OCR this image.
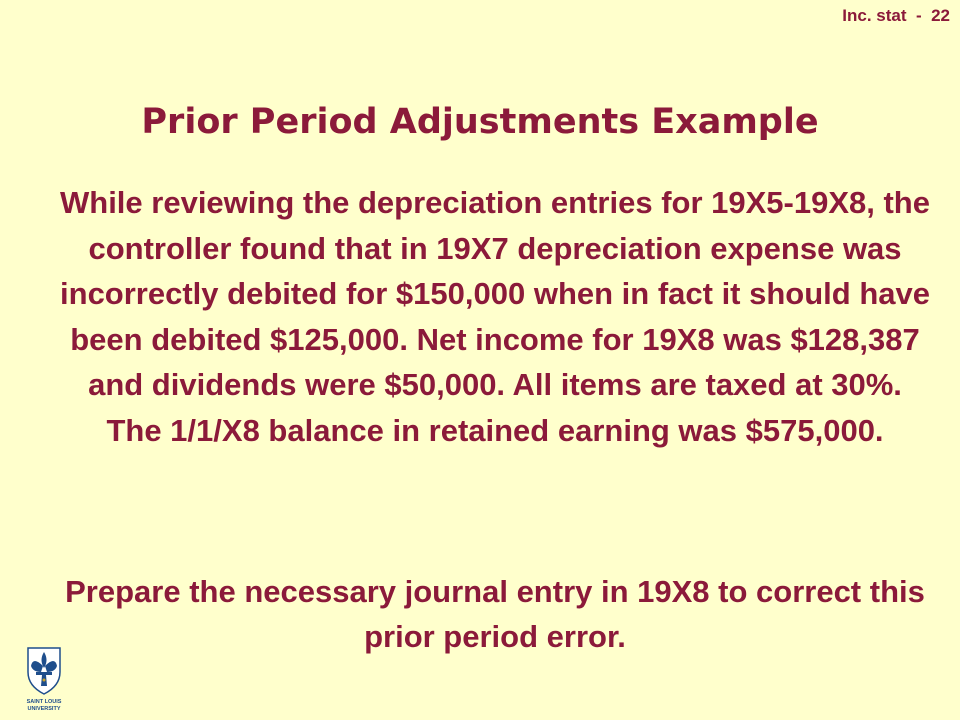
Inc. stat  -  22
Prior Period Adjustments Example

While reviewing the depreciation entries for 19X5-19X8, the controller found that in 19X7 depreciation expense was incorrectly debited for $150,000 when in fact it should have been debited $125,000. Net income for 19X8 was $128,387 and dividends were $50,000. All items are taxed at 30%. The 1/1/X8 balance in retained earning was $575,000.

Prepare the necessary journal entry in 19X8 to correct this prior period error.

SAINT LOUIS
UNIVERSITY
